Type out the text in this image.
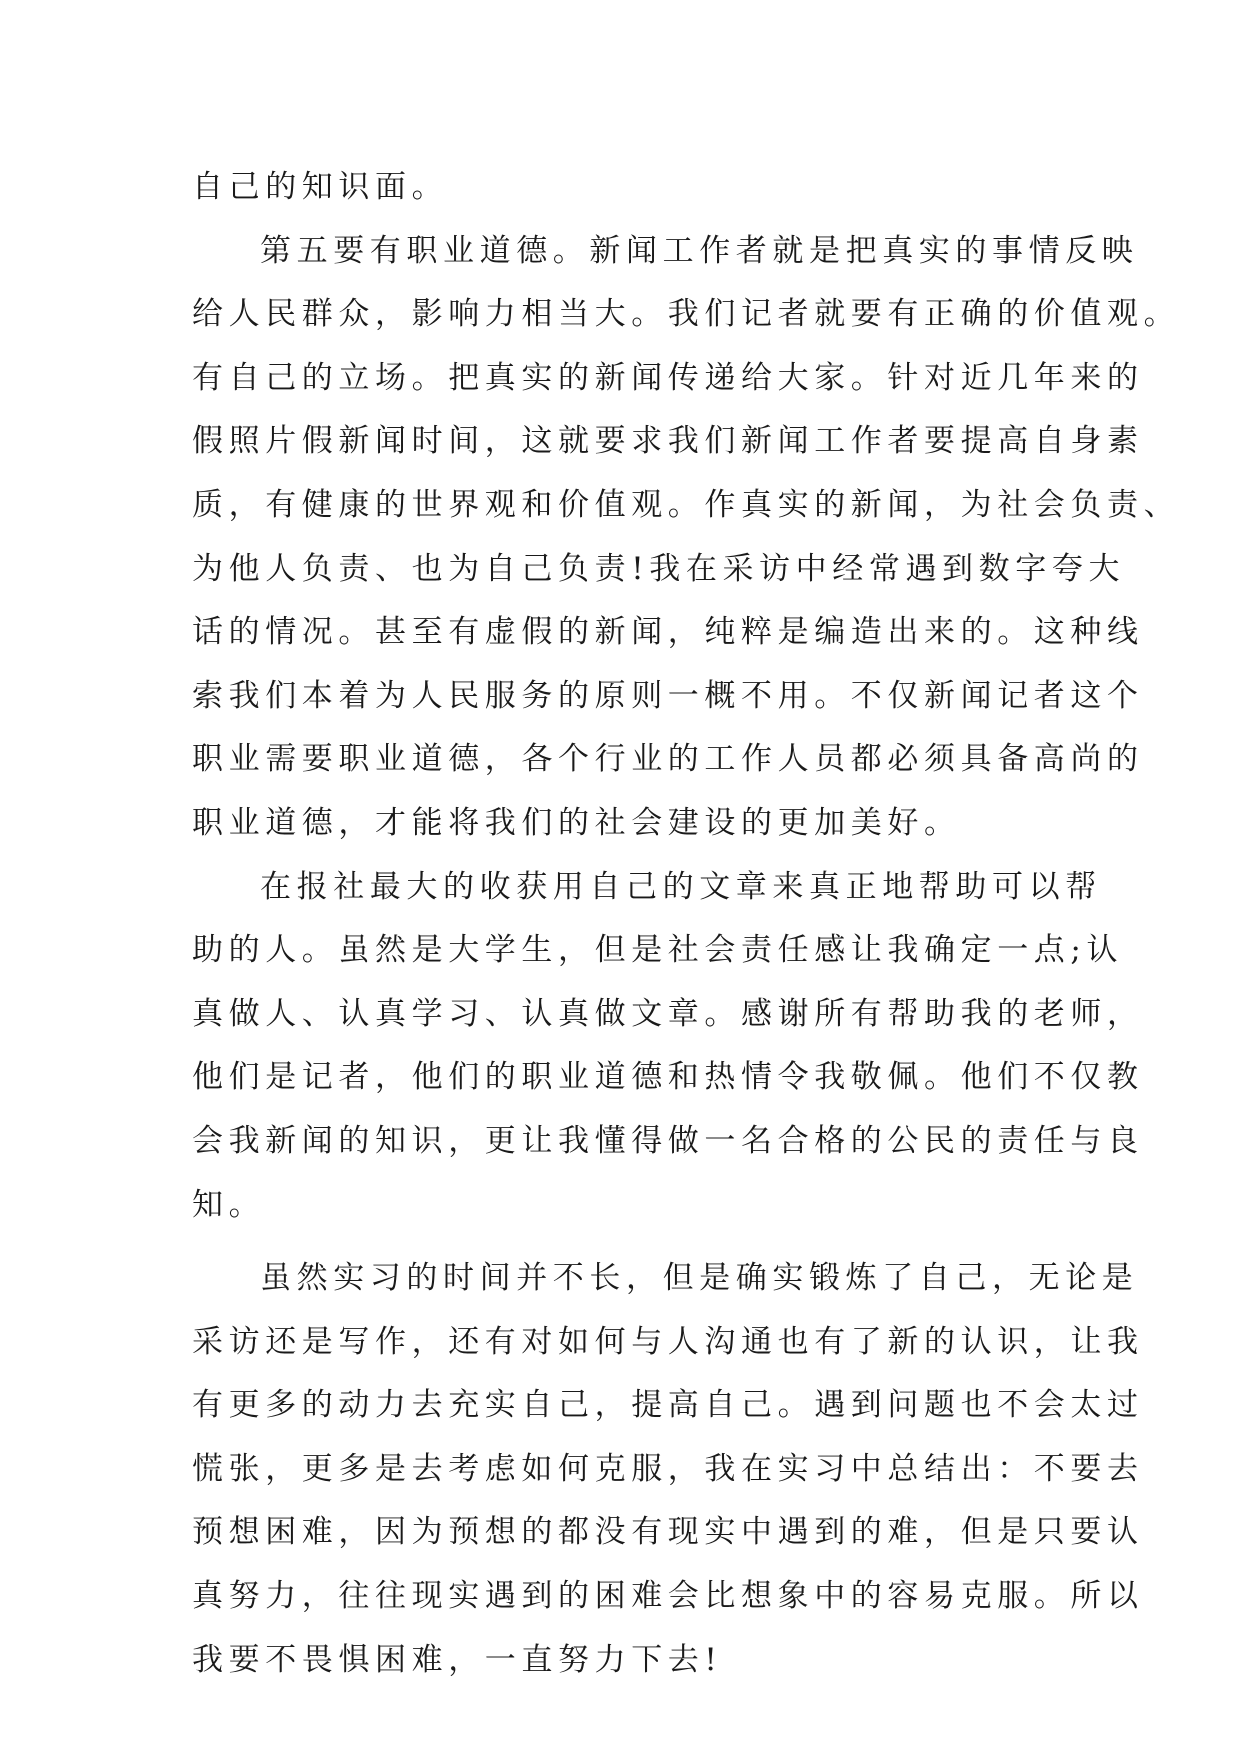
自己的知识面。
第五要有职业道德。新闻工作者就是把真实的事情反映
给人民群众，影响力相当大。我们记者就要有正确的价值观。
有自己的立场。把真实的新闻传递给大家。针对近几年来的
假照片假新闻时间，这就要求我们新闻工作者要提高自身素
质，有健康的世界观和价值观。作真实的新闻，为社会负责、
为他人负责、也为自己负责!我在采访中经常遇到数字夸大
话的情况。甚至有虚假的新闻，纯粹是编造出来的。这种线
索我们本着为人民服务的原则一概不用。不仅新闻记者这个
职业需要职业道德，各个行业的工作人员都必须具备高尚的
职业道德，才能将我们的社会建设的更加美好。
在报社最大的收获用自己的文章来真正地帮助可以帮
助的人。虽然是大学生，但是社会责任感让我确定一点;认
真做人、认真学习、认真做文章。感谢所有帮助我的老师，
他们是记者，他们的职业道德和热情令我敬佩。他们不仅教
会我新闻的知识，更让我懂得做一名合格的公民的责任与良
知。
虽然实习的时间并不长，但是确实锻炼了自己，无论是
采访还是写作，还有对如何与人沟通也有了新的认识，让我
有更多的动力去充实自己，提高自己。遇到问题也不会太过
慌张，更多是去考虑如何克服，我在实习中总结出：不要去
预想困难，因为预想的都没有现实中遇到的难，但是只要认
真努力，往往现实遇到的困难会比想象中的容易克服。所以
我要不畏惧困难，一直努力下去!
